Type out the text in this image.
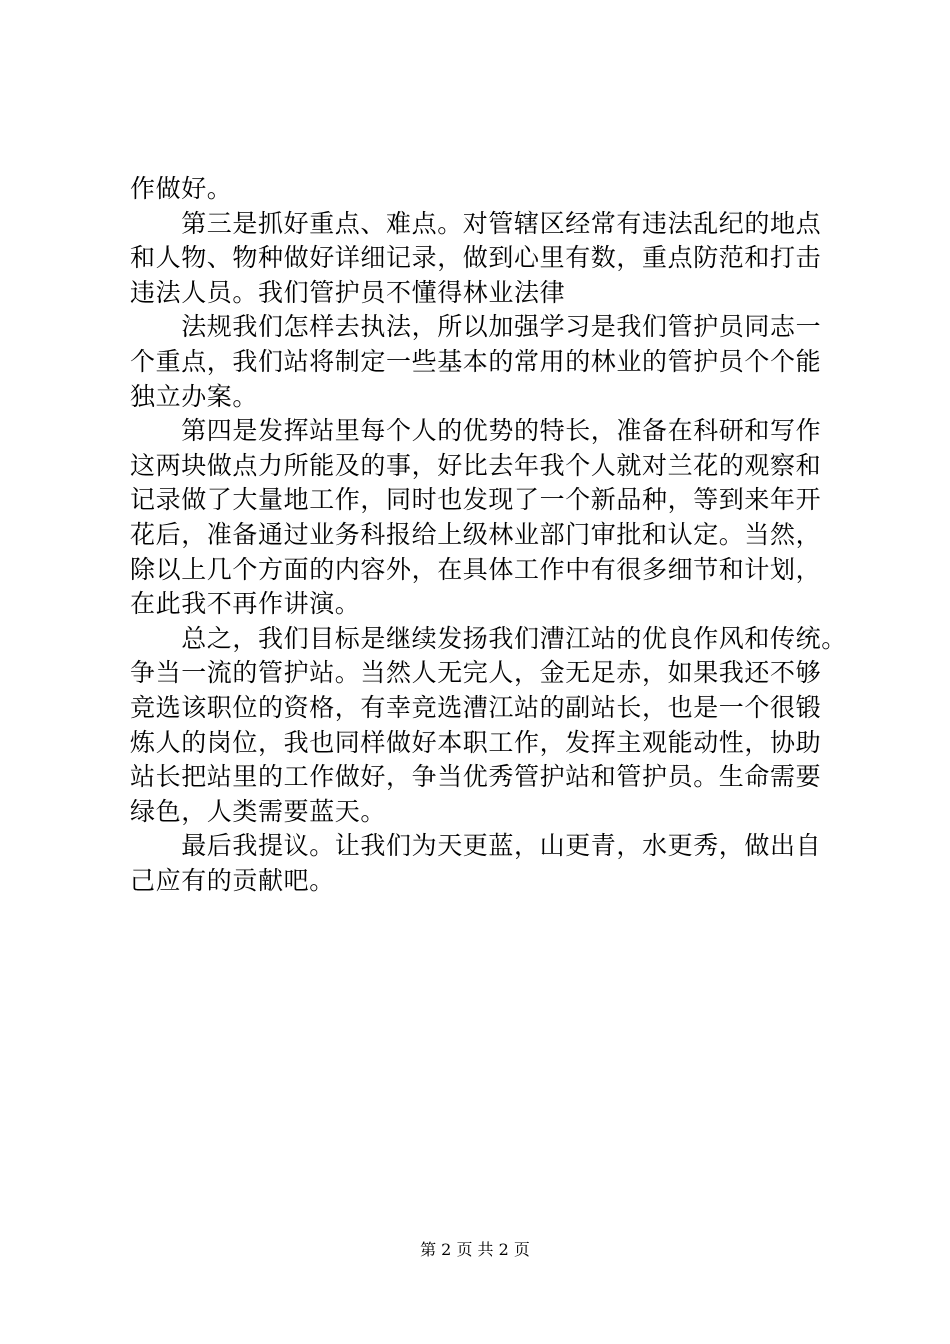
作做好。
　　第三是抓好重点、难点。对管辖区经常有违法乱纪的地点
和人物、物种做好详细记录，做到心里有数，重点防范和打击
违法人员。我们管护员不懂得林业法律
　　法规我们怎样去执法，所以加强学习是我们管护员同志一
个重点，我们站将制定一些基本的常用的林业的管护员个个能
独立办案。
　　第四是发挥站里每个人的优势的特长，准备在科研和写作
这两块做点力所能及的事，好比去年我个人就对兰花的观察和
记录做了大量地工作，同时也发现了一个新品种，等到来年开
花后，准备通过业务科报给上级林业部门审批和认定。当然，
除以上几个方面的内容外，在具体工作中有很多细节和计划，
在此我不再作讲演。
　　总之，我们目标是继续发扬我们漕江站的优良作风和传统。
争当一流的管护站。当然人无完人，金无足赤，如果我还不够
竞选该职位的资格，有幸竞选漕江站的副站长，也是一个很锻
炼人的岗位，我也同样做好本职工作，发挥主观能动性，协助
站长把站里的工作做好，争当优秀管护站和管护员。生命需要
绿色，人类需要蓝天。
　　最后我提议。让我们为天更蓝，山更青，水更秀，做出自
己应有的贡献吧。
第 2 页 共 2 页
